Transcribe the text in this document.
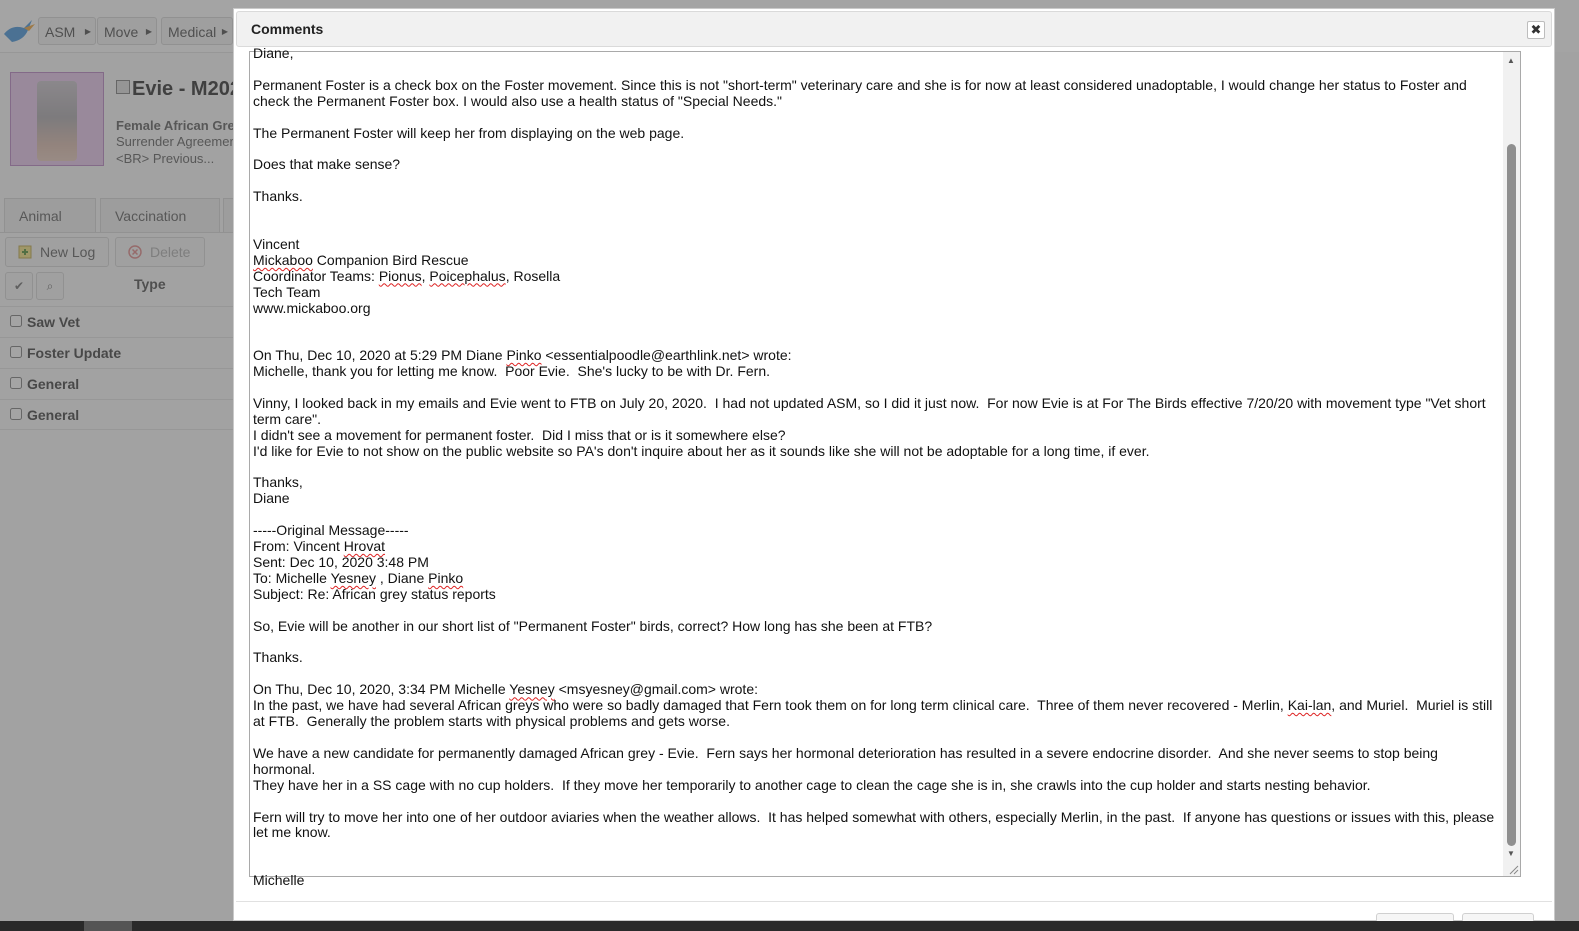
Comments	✖
Diane,

Permanent Foster is a check box on the Foster movement. Since this is not "short-term" veterinary care and she is for now at least considered unadoptable, I would change her status to Foster and
check the Permanent Foster box. I would also use a health status of "Special Needs."

The Permanent Foster will keep her from displaying on the web page.

Does that make sense?

Thanks.

Vincent
Mickaboo Companion Bird Rescue
Coordinator Teams: Pionus, Poicephalus, Rosella
Tech Team
www.mickaboo.org

On Thu, Dec 10, 2020 at 5:29 PM Diane Pinko <essentialpoodle@earthlink.net> wrote:
Michelle, thank you for letting me know.  Poor Evie.  She's lucky to be with Dr. Fern.

Vinny, I looked back in my emails and Evie went to FTB on July 20, 2020.  I had not updated ASM, so I did it just now.  For now Evie is at For The Birds effective 7/20/20 with movement type "Vet short
term care".
I didn't see a movement for permanent foster.  Did I miss that or is it somewhere else?
I'd like for Evie to not show on the public website so PA's don't inquire about her as it sounds like she will not be adoptable for a long time, if ever.

Thanks,
Diane

-----Original Message-----
From: Vincent Hrovat
Sent: Dec 10, 2020 3:48 PM
To: Michelle Yesney , Diane Pinko
Subject: Re: African grey status reports

So, Evie will be another in our short list of "Permanent Foster" birds, correct? How long has she been at FTB?

Thanks.

On Thu, Dec 10, 2020, 3:34 PM Michelle Yesney <msyesney@gmail.com> wrote:
In the past, we have had several African greys who were so badly damaged that Fern took them on for long term clinical care.  Three of them never recovered - Merlin, Kai-lan, and Muriel.  Muriel is still
at FTB.  Generally the problem starts with physical problems and gets worse.

We have a new candidate for permanently damaged African grey - Evie.  Fern says her hormonal deterioration has resulted in a severe endocrine disorder.  And she never seems to stop being hormonal.
They have her in a SS cage with no cup holders.  If they move her temporarily to another cage to clean the cage she is in, she crawls into the cup holder and starts nesting behavior.

Fern will try to move her into one of her outdoor aviaries when the weather allows.  It has helped somewhat with others, especially Merlin, in the past.  If anyone has questions or issues with this, please
let me know.

Michelle
▲
▼
